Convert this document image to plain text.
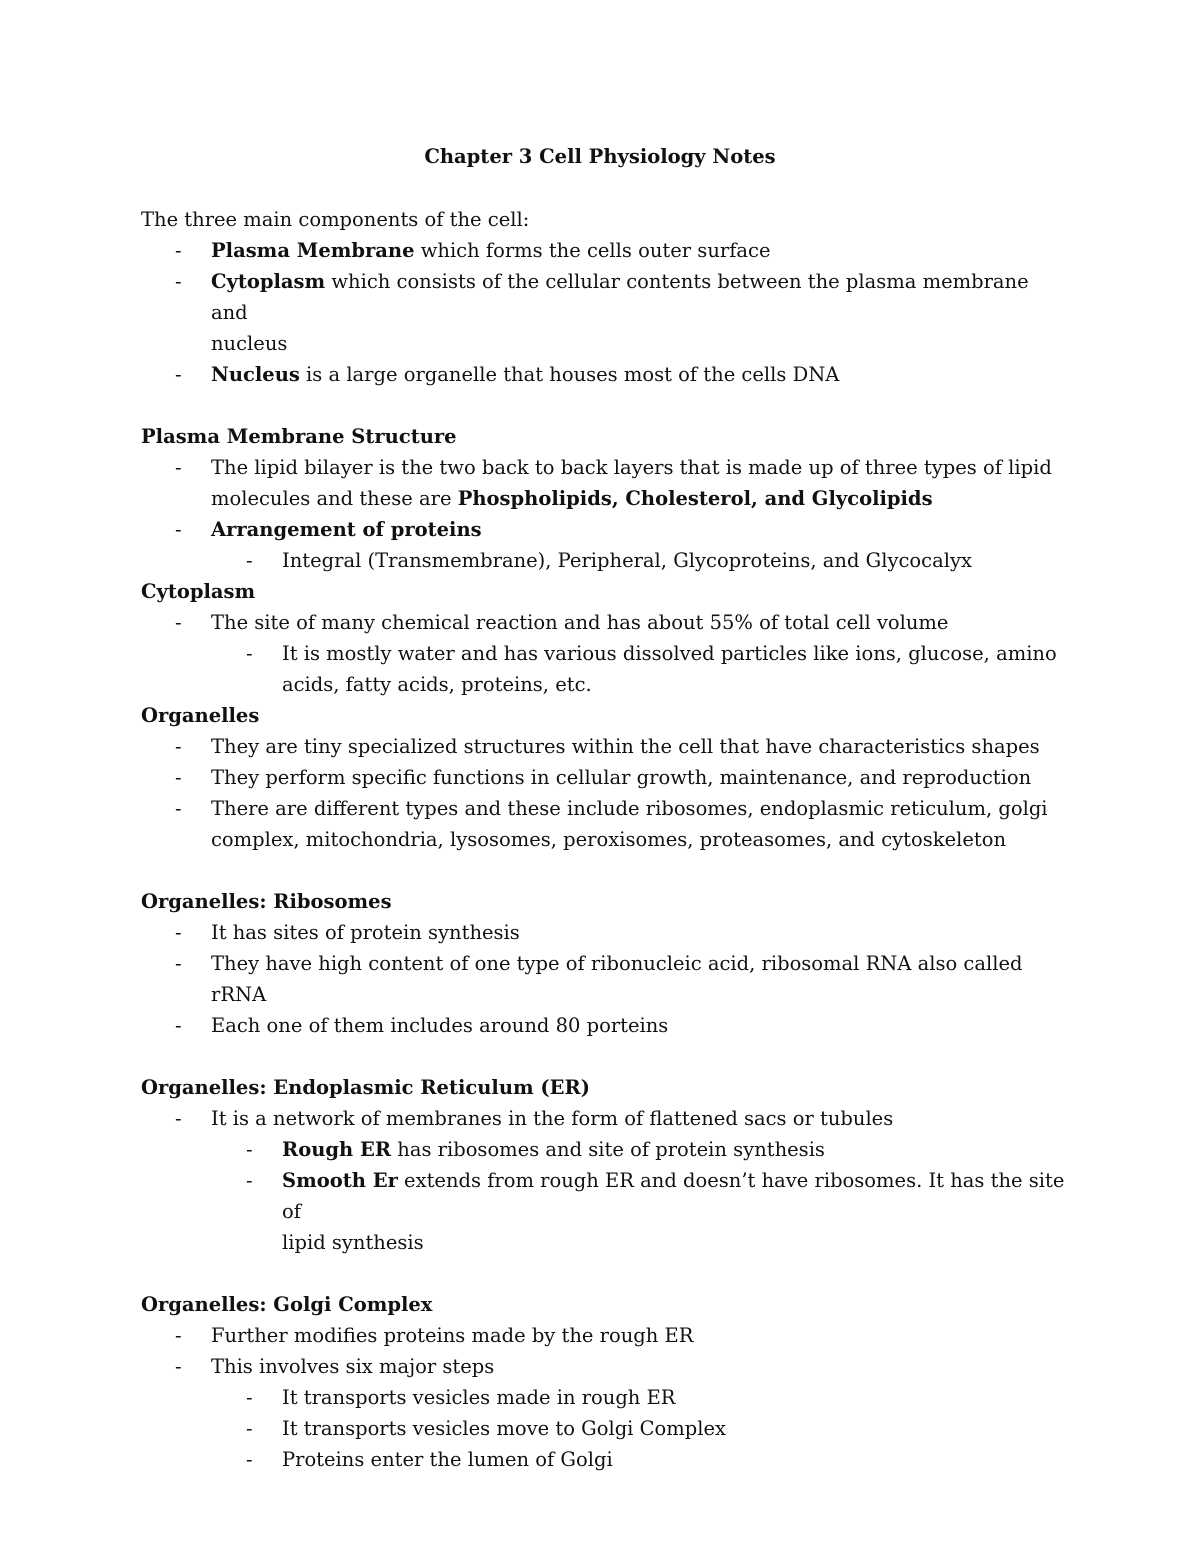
Chapter 3 Cell Physiology Notes

The three main components of the cell:

- Plasma Membrane which forms the cells outer surface

- Cytoplasm which consists of the cellular contents between the plasma membrane and

nucleus

- Nucleus is a large organelle that houses most of the cells DNA

Plasma Membrane Structure

- The lipid bilayer is the two back to back layers that is made up of three types of lipid

molecules and these are Phospholipids, Cholesterol, and Glycolipids

- Arrangement of proteins

- Integral (Transmembrane), Peripheral, Glycoproteins, and Glycocalyx

Cytoplasm

- The site of many chemical reaction and has about 55% of total cell volume

- It is mostly water and has various dissolved particles like ions, glucose, amino

acids, fatty acids, proteins, etc.

Organelles

- They are tiny specialized structures within the cell that have characteristics shapes

- They perform specific functions in cellular growth, maintenance, and reproduction

- There are different types and these include ribosomes, endoplasmic reticulum, golgi

complex, mitochondria, lysosomes, peroxisomes, proteasomes, and cytoskeleton

Organelles: Ribosomes

- It has sites of protein synthesis

- They have high content of one type of ribonucleic acid, ribosomal RNA also called rRNA

- Each one of them includes around 80 porteins

Organelles: Endoplasmic Reticulum (ER)

- It is a network of membranes in the form of flattened sacs or tubules

- Rough ER has ribosomes and site of protein synthesis

- Smooth Er extends from rough ER and doesn’t have ribosomes. It has the site of

lipid synthesis

Organelles: Golgi Complex

- Further modifies proteins made by the rough ER

- This involves six major steps

- It transports vesicles made in rough ER

- It transports vesicles move to Golgi Complex

- Proteins enter the lumen of Golgi
